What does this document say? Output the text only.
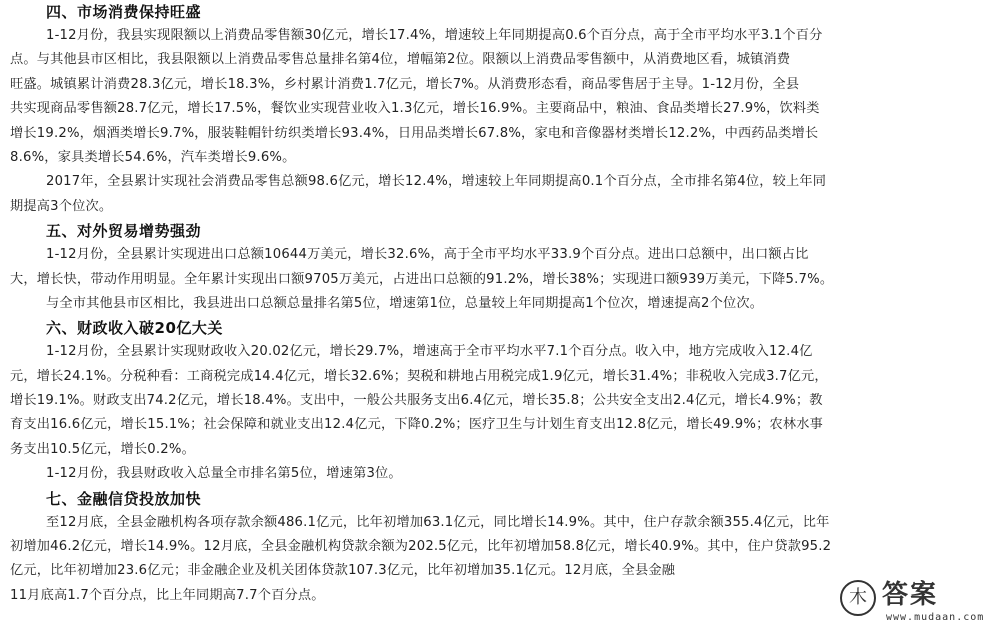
四、市场消费保持旺盛
1-12月份，我县实现限额以上消费品零售额30亿元，增长17.4%，增速较上年同期提高0.6个百分点，高于全市平均水平3.1个百分
点。与其他县市区相比，我县限额以上消费品零售总量排名第4位，增幅第2位。限额以上消费品零售额中，从消费地区看，城镇消费
旺盛。城镇累计消费28.3亿元，增长18.3%，乡村累计消费1.7亿元，增长7%。从消费形态看，商品零售居于主导。1-12月份，全县
共实现商品零售额28.7亿元，增长17.5%，餐饮业实现营业收入1.3亿元，增长16.9%。主要商品中，粮油、食品类增长27.9%，饮料类
增长19.2%，烟酒类增长9.7%，服装鞋帽针纺织类增长93.4%，日用品类增长67.8%，家电和音像器材类增长12.2%，中西药品类增长
8.6%，家具类增长54.6%，汽车类增长9.6%。
2017年，全县累计实现社会消费品零售总额98.6亿元，增长12.4%，增速较上年同期提高0.1个百分点，全市排名第4位，较上年同
期提高3个位次。
五、对外贸易增势强劲
1-12月份，全县累计实现进出口总额10644万美元，增长32.6%，高于全市平均水平33.9个百分点。进出口总额中，出口额占比
大，增长快，带动作用明显。全年累计实现出口额9705万美元，占进出口总额的91.2%，增长38%；实现进口额939万美元，下降5.7%。
与全市其他县市区相比，我县进出口总额总量排名第5位，增速第1位，总量较上年同期提高1个位次，增速提高2个位次。
六、财政收入破20亿大关
1-12月份，全县累计实现财政收入20.02亿元，增长29.7%，增速高于全市平均水平7.1个百分点。收入中，地方完成收入12.4亿
元，增长24.1%。分税种看：工商税完成14.4亿元，增长32.6%；契税和耕地占用税完成1.9亿元，增长31.4%；非税收入完成3.7亿元，
增长19.1%。财政支出74.2亿元，增长18.4%。支出中，一般公共服务支出6.4亿元，增长35.8；公共安全支出2.4亿元，增长4.9%；教
育支出16.6亿元，增长15.1%；社会保障和就业支出12.4亿元，下降0.2%；医疗卫生与计划生育支出12.8亿元，增长49.9%；农林水事
务支出10.5亿元，增长0.2%。
1-12月份，我县财政收入总量全市排名第5位，增速第3位。
七、金融信贷投放加快
至12月底，全县金融机构各项存款余额486.1亿元，比年初增加63.1亿元，同比增长14.9%。其中，住户存款余额355.4亿元，比年
初增加46.2亿元，增长14.9%。12月底，全县金融机构贷款余额为202.5亿元，比年初增加58.8亿元，增长40.9%。其中，住户贷款95.2
亿元，比年初增加23.6亿元；非金融企业及机关团体贷款107.3亿元，比年初增加35.1亿元。12月底，全县金融
11月底高1.7个百分点，比上年同期高7.7个百分点。	木 答案
www.mudaan.com
